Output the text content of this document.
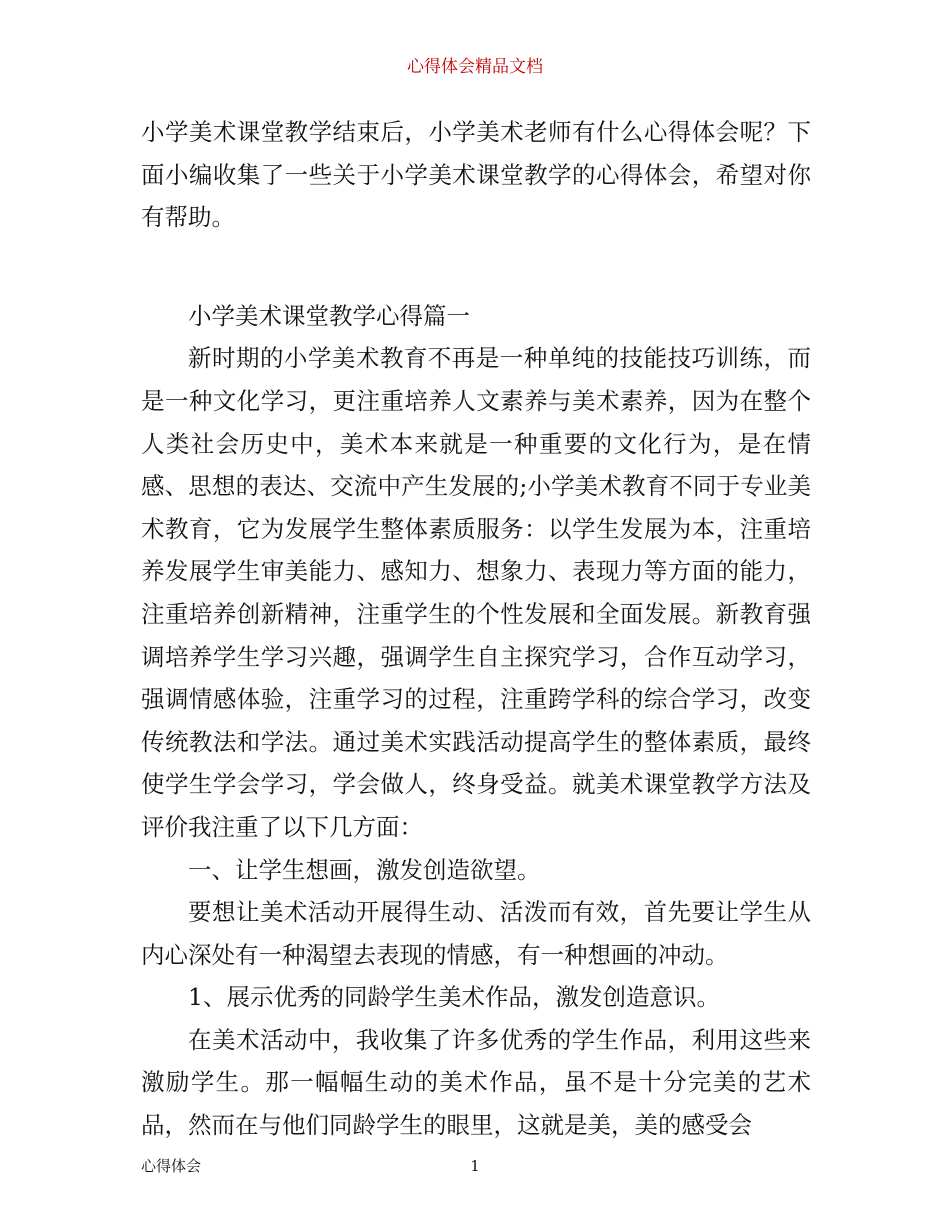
心得体会精品文档

小学美术课堂教学结束后，小学美术老师有什么心得体会呢？下面小编收集了一些关于小学美术课堂教学的心得体会，希望对你有帮助。

小学美术课堂教学心得篇一

新时期的小学美术教育不再是一种单纯的技能技巧训练，而是一种文化学习，更注重培养人文素养与美术素养，因为在整个人类社会历史中，美术本来就是一种重要的文化行为，是在情感、思想的表达、交流中产生发展的;小学美术教育不同于专业美术教育，它为发展学生整体素质服务：以学生发展为本，注重培养发展学生审美能力、感知力、想象力、表现力等方面的能力，注重培养创新精神，注重学生的个性发展和全面发展。新教育强调培养学生学习兴趣，强调学生自主探究学习，合作互动学习，强调情感体验，注重学习的过程，注重跨学科的综合学习，改变传统教法和学法。通过美术实践活动提高学生的整体素质，最终使学生学会学习，学会做人，终身受益。就美术课堂教学方法及评价我注重了以下几方面：

一、让学生想画，激发创造欲望。

要想让美术活动开展得生动、活泼而有效，首先要让学生从内心深处有一种渴望去表现的情感，有一种想画的冲动。

1、展示优秀的同龄学生美术作品，激发创造意识。

在美术活动中，我收集了许多优秀的学生作品，利用这些来激励学生。那一幅幅生动的美术作品，虽不是十分完美的艺术品，然而在与他们同龄学生的眼里，这就是美，美的感受会

心得体会	1
